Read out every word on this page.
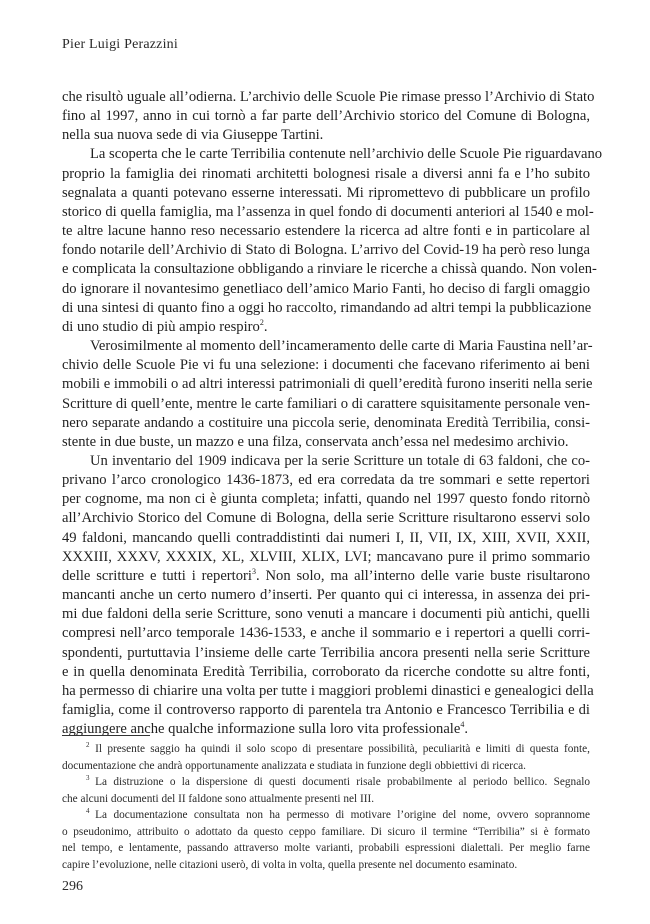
Pier Luigi Perazzini

che risultò uguale all’odierna. L’archivio delle Scuole Pie rimase presso l’Archivio di Stato
fino al 1997, anno in cui tornò a far parte dell’Archivio storico del Comune di Bologna,
nella sua nuova sede di via Giuseppe Tartini.

La scoperta che le carte Terribilia contenute nell’archivio delle Scuole Pie riguardavano
proprio la famiglia dei rinomati architetti bolognesi risale a diversi anni fa e l’ho subito
segnalata a quanti potevano esserne interessati. Mi ripromettevo di pubblicare un profilo
storico di quella famiglia, ma l’assenza in quel fondo di documenti anteriori al 1540 e mol-
te altre lacune hanno reso necessario estendere la ricerca ad altre fonti e in particolare al
fondo notarile dell’Archivio di Stato di Bologna. L’arrivo del Covid-19 ha però reso lunga
e complicata la consultazione obbligando a rinviare le ricerche a chissà quando. Non volen-
do ignorare il novantesimo genetliaco dell’amico Mario Fanti, ho deciso di fargli omaggio
di una sintesi di quanto fino a oggi ho raccolto, rimandando ad altri tempi la pubblicazione
di uno studio di più ampio respiro$^2$.

Verosimilmente al momento dell’incameramento delle carte di Maria Faustina nell’ar-
chivio delle Scuole Pie vi fu una selezione: i documenti che facevano riferimento ai beni
mobili e immobili o ad altri interessi patrimoniali di quell’eredità furono inseriti nella serie
Scritture di quell’ente, mentre le carte familiari o di carattere squisitamente personale ven-
nero separate andando a costituire una piccola serie, denominata Eredità Terribilia, consi-
stente in due buste, un mazzo e una filza, conservata anch’essa nel medesimo archivio.

Un inventario del 1909 indicava per la serie Scritture un totale di 63 faldoni, che co-
privano l’arco cronologico 1436-1873, ed era corredata da tre sommari e sette repertori
per cognome, ma non ci è giunta completa; infatti, quando nel 1997 questo fondo ritornò
all’Archivio Storico del Comune di Bologna, della serie Scritture risultarono esservi solo
49 faldoni, mancando quelli contraddistinti dai numeri I, II, VII, IX, XIII, XVII, XXII,
XXXIII, XXXV, XXXIX, XL, XLVIII, XLIX, LVI; mancavano pure il primo sommario
delle scritture e tutti i repertori$^3$. Non solo, ma all’interno delle varie buste risultarono
mancanti anche un certo numero d’inserti. Per quanto qui ci interessa, in assenza dei pri-
mi due faldoni della serie Scritture, sono venuti a mancare i documenti più antichi, quelli
compresi nell’arco temporale 1436-1533, e anche il sommario e i repertori a quelli corri-
spondenti, purtuttavia l’insieme delle carte Terribilia ancora presenti nella serie Scritture
e in quella denominata Eredità Terribilia, corroborato da ricerche condotte su altre fonti,
ha permesso di chiarire una volta per tutte i maggiori problemi dinastici e genealogici della
famiglia, come il controverso rapporto di parentela tra Antonio e Francesco Terribilia e di
aggiungere anche qualche informazione sulla loro vita professionale$^4$.

$^2$  Il presente saggio ha quindi il solo scopo di presentare possibilità, peculiarità e limiti di questa fonte,
documentazione che andrà opportunamente analizzata e studiata in funzione degli obbiettivi di ricerca.
$^3$  La distruzione o la dispersione di questi documenti risale probabilmente al periodo bellico. Segnalo
che alcuni documenti del II faldone sono attualmente presenti nel III.
$^4$  La documentazione consultata non ha permesso di motivare l’origine del nome, ovvero soprannome
o pseudonimo, attribuito o adottato da questo ceppo familiare. Di sicuro il termine “Terribilia” si è formato
nel tempo, e lentamente, passando attraverso molte varianti, probabili espressioni dialettali. Per meglio farne
capire l’evoluzione, nelle citazioni userò, di volta in volta, quella presente nel documento esaminato.
296
